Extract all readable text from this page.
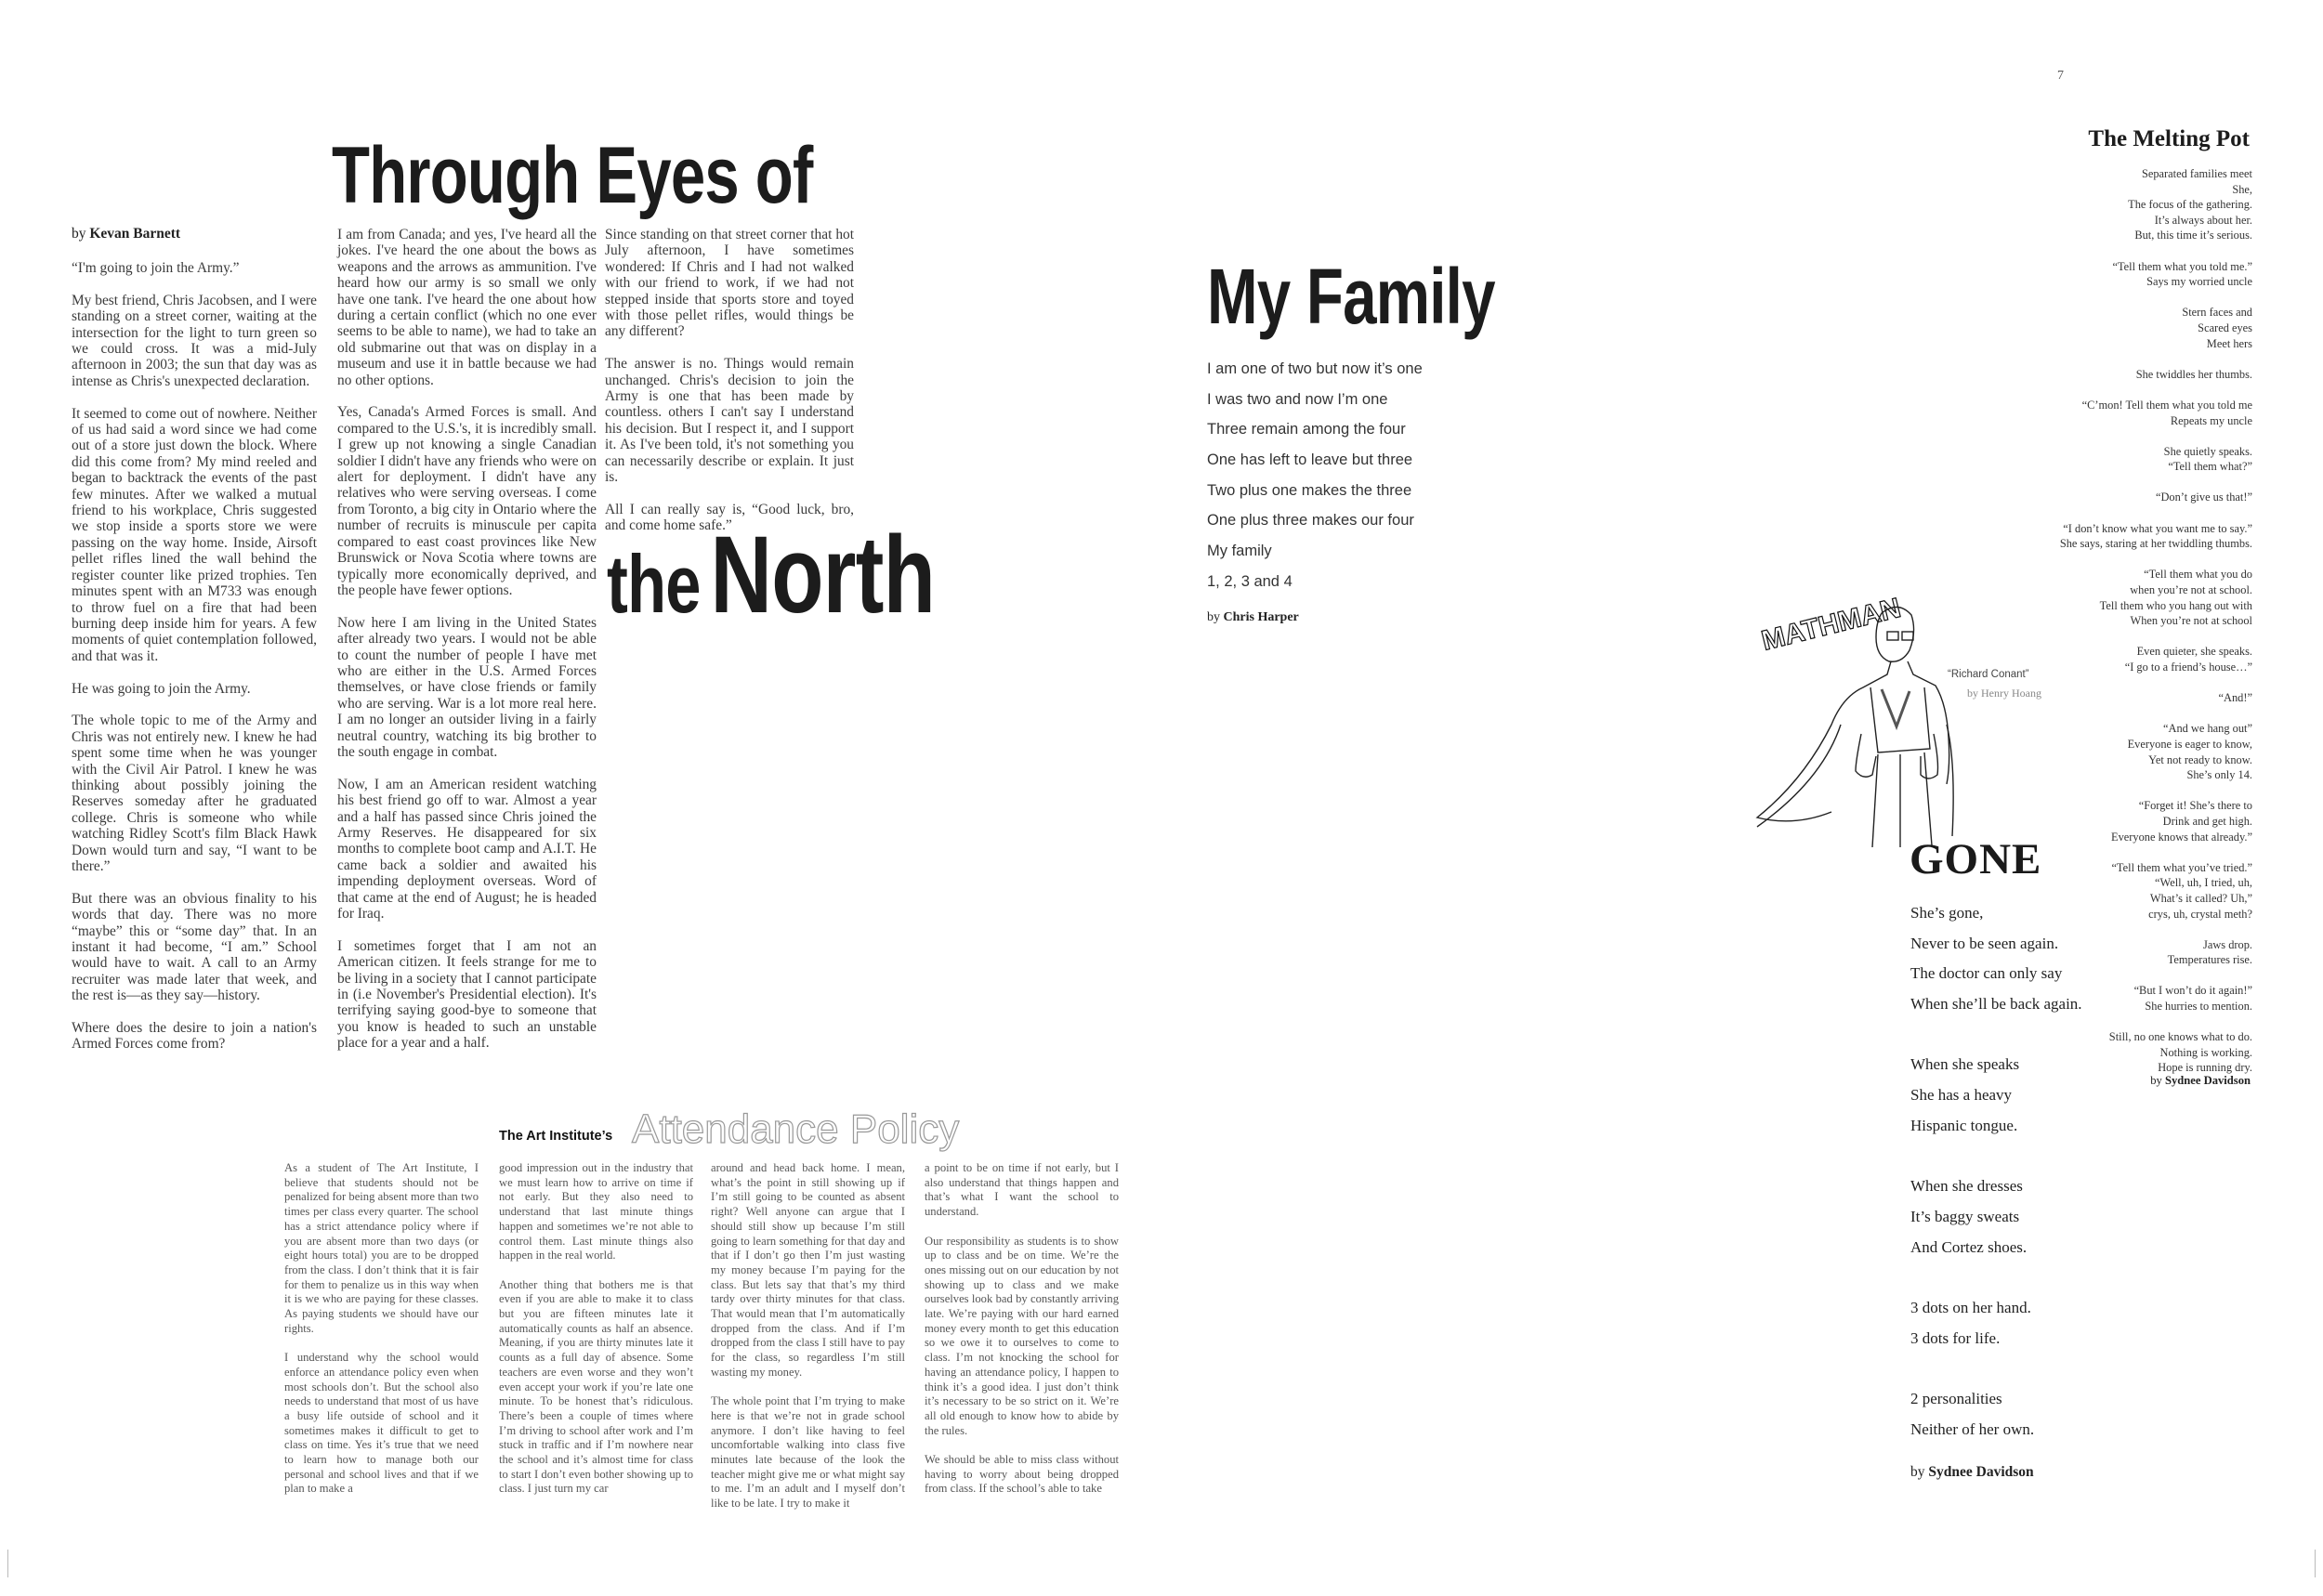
7
Through Eyes of
the North
by Kevan Barnett

“I'm going to join the Army.”

My best friend, Chris Jacobsen, and I were standing on a street corner, waiting at the intersection for the light to turn green so we could cross. It was a mid-July afternoon in 2003; the sun that day was as intense as Chris's unexpected declaration.

It seemed to come out of nowhere. Neither of us had said a word since we had come out of a store just down the block. Where did this come from? My mind reeled and began to backtrack the events of the past few minutes. After we walked a mutual friend to his workplace, Chris suggested we stop inside a sports store we were passing on the way home. Inside, Airsoft pellet rifles lined the wall behind the register counter like prized trophies. Ten minutes spent with an M733 was enough to throw fuel on a fire that had been burning deep inside him for years. A few moments of quiet contemplation followed, and that was it.

He was going to join the Army.

The whole topic to me of the Army and Chris was not entirely new. I knew he had spent some time when he was younger with the Civil Air Patrol. I knew he was thinking about possibly joining the Reserves someday after he graduated college. Chris is someone who while watching Ridley Scott's film Black Hawk Down would turn and say, “I want to be there.”

But there was an obvious finality to his words that day. There was no more “maybe” this or “some day” that. In an instant it had become, “I am.” School would have to wait. A call to an Army recruiter was made later that week, and the rest is—as they say—history.

Where does the desire to join a nation's Armed Forces come from?

I am from Canada; and yes, I've heard all the jokes. I've heard the one about the bows as weapons and the arrows as ammunition. I've heard how our army is so small we only have one tank. I've heard the one about how during a certain conflict (which no one ever seems to be able to name), we had to take an old submarine out that was on display in a museum and use it in battle because we had no other options.

Yes, Canada's Armed Forces is small. And compared to the U.S.'s, it is incredibly small. I grew up not knowing a single Canadian soldier I didn't have any friends who were on alert for deployment. I didn't have any relatives who were serving overseas. I come from Toronto, a big city in Ontario where the number of recruits is minuscule per capita compared to east coast provinces like New Brunswick or Nova Scotia where towns are typically more economically deprived, and the people have fewer options.

Now here I am living in the United States after already two years. I would not be able to count the number of people I have met who are either in the U.S. Armed Forces themselves, or have close friends or family who are serving. War is a lot more real here. I am no longer an outsider living in a fairly neutral country, watching its big brother to the south engage in combat.

Now, I am an American resident watching his best friend go off to war. Almost a year and a half has passed since Chris joined the Army Reserves. He disappeared for six months to complete boot camp and A.I.T. He came back a soldier and awaited his impending deployment overseas. Word of that came at the end of August; he is headed for Iraq.

I sometimes forget that I am not an American citizen. It feels strange for me to be living in a society that I cannot participate in (i.e November's Presidential election). It's terrifying saying good-bye to someone that you know is headed to such an unstable place for a year and a half.

Since standing on that street corner that hot July afternoon, I have sometimes wondered: If Chris and I had not walked with our friend to work, if we had not stepped inside that sports store and toyed with those pellet rifles, would things be any different?

The answer is no. Things would remain unchanged. Chris's decision to join the Army is one that has been made by countless. others I can't say I understand his decision. But I respect it, and I support it. As I've been told, it's not something you can necessarily describe or explain. It just is.

All I can really say is, “Good luck, bro, and come home safe.”

My Family
I am one of two but now it’s one
I was two and now I’m one
Three remain among the four
One has left to leave but three
Two plus one makes the three
One plus three makes our four
My family
1, 2, 3 and 4
by Chris Harper
The Melting Pot
Separated families meet
She,
The focus of the gathering.
It’s always about her.
But, this time it’s serious.
“Tell them what you told me.”
Says my worried uncle
Stern faces and
Scared eyes
Meet hers
She twiddles her thumbs.
“C’mon! Tell them what you told me
Repeats my uncle
She quietly speaks.
“Tell them what?”
“Don’t give us that!”
“I don’t know what you want me to say.”
She says, staring at her twiddling thumbs.
“Tell them what you do
when you’re not at school.
Tell them who you hang out with
When you’re not at school
Even quieter, she speaks.
“I go to a friend’s house…”
“And!”
“And we hang out”
Everyone is eager to know,
Yet not ready to know.
She’s only 14.
“Forget it! She’s there to
Drink and get high.
Everyone knows that already.”
“Tell them what you’ve tried.”
“Well, uh, I tried, uh,
What’s it called? Uh,”
crys, uh, crystal meth?
Jaws drop.
Temperatures rise.
“But I won’t do it again!”
She hurries to mention.
Still, no one knows what to do.
Nothing is working.
Hope is running dry.
by Sydnee Davidson
MATHMAN
“Richard Conant”
by Henry Hoang
GONE
She’s gone,
Never to be seen again.
The doctor can only say
When she’ll be back again.
When she speaks
She has a heavy
Hispanic tongue.
When she dresses
It’s baggy sweats
And Cortez shoes.
3 dots on her hand.
3 dots for life.
2 personalities
Neither of her own.
by Sydnee Davidson
The Art Institute’s Attendance Policy

As a student of The Art Institute, I believe that students should not be penalized for being absent more than two times per class every quarter. The school has a strict attendance policy where if you are absent more than two days (or eight hours total) you are to be dropped from the class. I don’t think that it is fair for them to penalize us in this way when it is we who are paying for these classes. As paying students we should have our rights.

I understand why the school would enforce an attendance policy even when most schools don’t. But the school also needs to understand that most of us have a busy life outside of school and it sometimes makes it difficult to get to class on time. Yes it’s true that we need to learn how to manage both our personal and school lives and that if we plan to make a

good impression out in the industry that we must learn how to arrive on time if not early. But they also need to understand that last minute things happen and sometimes we’re not able to control them. Last minute things also happen in the real world.

Another thing that bothers me is that even if you are able to make it to class but you are fifteen minutes late it automatically counts as half an absence. Meaning, if you are thirty minutes late it counts as a full day of absence. Some teachers are even worse and they won’t even accept your work if you’re late one minute. To be honest that’s ridiculous. There’s been a couple of times where I’m driving to school after work and I’m stuck in traffic and if I’m nowhere near the school and it’s almost time for class to start I don’t even bother showing up to class. I just turn my car

around and head back home. I mean, what’s the point in still showing up if I’m still going to be counted as absent right? Well anyone can argue that I should still show up because I’m still going to learn something for that day and that if I don’t go then I’m just wasting my money because I’m paying for the class. But lets say that that’s my third tardy over thirty minutes for that class. That would mean that I’m automatically dropped from the class. And if I’m dropped from the class I still have to pay for the class, so regardless I’m still wasting my money.

The whole point that I’m trying to make here is that we’re not in grade school anymore. I don’t like having to feel uncomfortable walking into class five minutes late because of the look the teacher might give me or what might say to me. I’m an adult and I myself don’t like to be late. I try to make it

a point to be on time if not early, but I also understand that things happen and that’s what I want the school to understand.

Our responsibility as students is to show up to class and be on time. We’re the ones missing out on our education by not showing up to class and we make ourselves look bad by constantly arriving late. We’re paying with our hard earned money every month to get this education so we owe it to ourselves to come to class. I’m not knocking the school for having an attendance policy, I happen to think it’s a good idea. I just don’t think it’s necessary to be so strict on it. We’re all old enough to know how to abide by the rules.

We should be able to miss class without having to worry about being dropped from class. If the school’s able to take
